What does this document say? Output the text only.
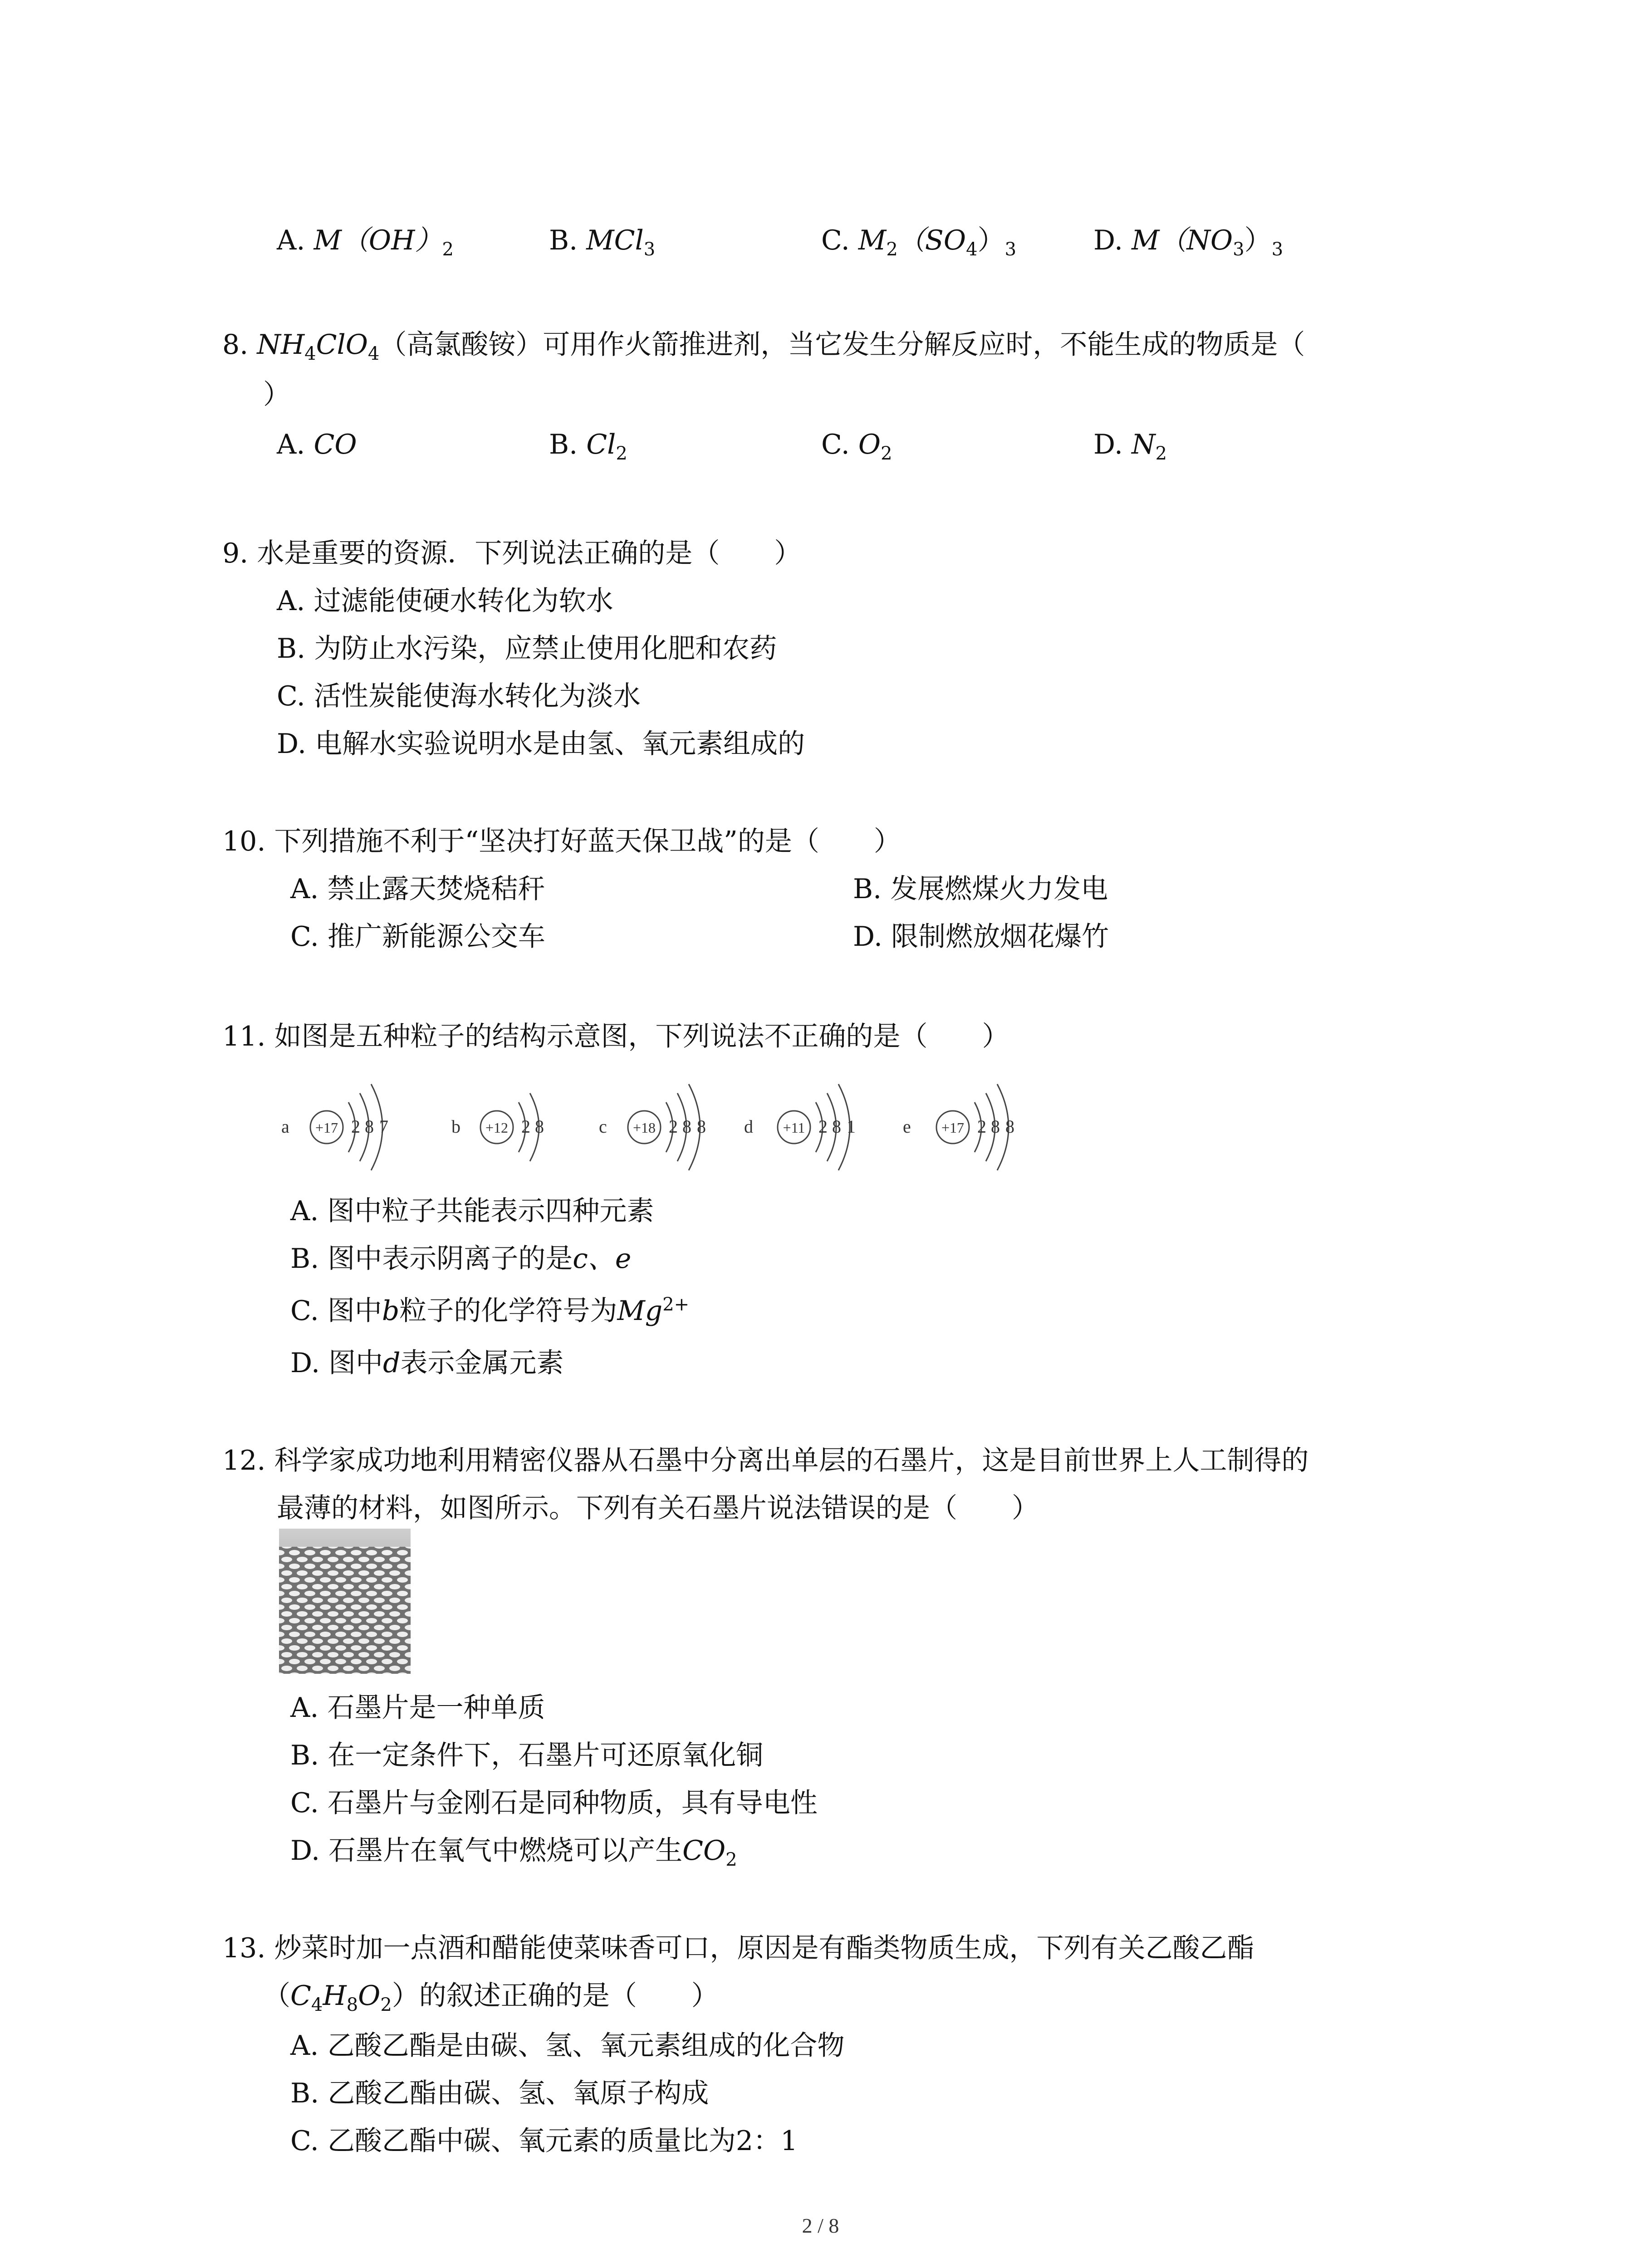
A. $M(OH)_2$	B. MCl$_3$	C. $M_2(SO_4)_3$	D. $M(NO_3)_3$
8. $NH_4ClO_4$（高氯酸铵）可用作火箭推进剂，当它发生分解反应时，不能生成的物质是（
）
A. CO	B. $Cl_2$	C. $O_2$	D. $N_2$
9. 水是重要的资源．下列说法正确的是（　　）
A. 过滤能使硬水转化为软水
B. 为防止水污染，应禁止使用化肥和农药
C. 活性炭能使海水转化为淡水
D. 电解水实验说明水是由氢、氧元素组成的
10. 下列措施不利于“坚决打好蓝天保卫战”的是（　　）
A. 禁止露天焚烧秸秆	B. 发展燃煤火力发电
C. 推广新能源公交车	D. 限制燃放烟花爆竹
11. 如图是五种粒子的结构示意图，下列说法不正确的是（　　）
a +17 2 8 7	b +12 2 8	c +18 2 8 8 d +11 2 8 1	e +17 2 8 8
A. 图中粒子共能表示四种元素
B. 图中表示阴离子的是c、e
C. 图中b粒子的化学符号为$Mg^{2+}$
D. 图中d表示金属元素
12. 科学家成功地利用精密仪器从石墨中分离出单层的石墨片，这是目前世界上人工制得的
最薄的材料，如图所示。下列有关石墨片说法错误的是（　　）
A. 石墨片是一种单质
B. 在一定条件下，石墨片可还原氧化铜
C. 石墨片与金刚石是同种物质，具有导电性
D. 石墨片在氧气中燃烧可以产生$CO_2$
13. 炒菜时加一点酒和醋能使菜味香可口，原因是有酯类物质生成，下列有关乙酸乙酯
$(C_4H_8O_2)$的叙述正确的是（　　）
A. 乙酸乙酯是由碳、氢、氧元素组成的化合物
B. 乙酸乙酯由碳、氢、氧原子构成
C. 乙酸乙酯中碳、氧元素的质量比为2：1
2 / 8
